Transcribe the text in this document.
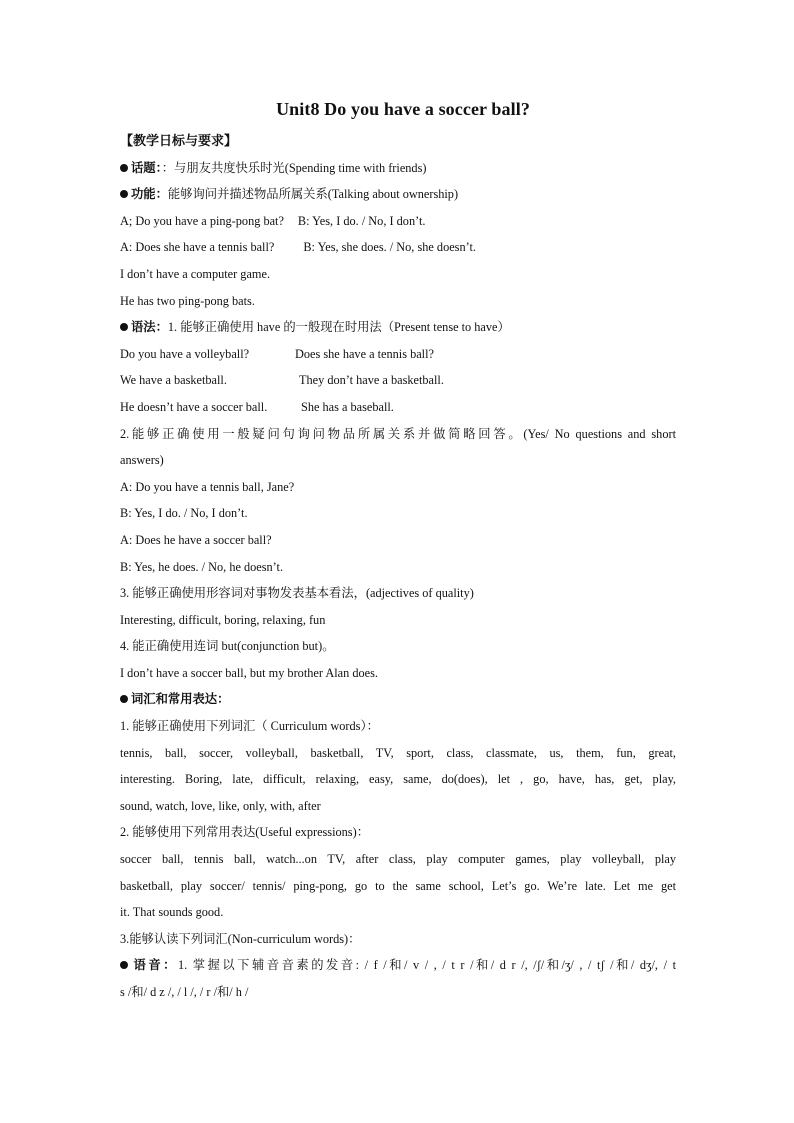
Unit8 Do you have a soccer ball?
【教学日标与要求】
话题：：与朋友共度快乐时光(Spending time with friends)
功能：能够询问并描述物品所属关系(Talking about ownership)
A; Do you have a ping-pong bat? B: Yes, I do. / No, I don’t.
A: Does she have a tennis ball? B: Yes, she does. / No, she doesn’t.
I don’t have a computer game.
He has two ping-pong bats.
语法：1. 能够正确使用 have 的一般现在时用法（Present tense to have）
Do you have a volleyball?	Does she have a tennis ball?
We have a basketball.	They don’t have a basketball.
He doesn’t have a soccer ball.	She has a baseball.
2.能够正确使用一般疑问句询问物品所属关系并做简略回答。(Yes/ No questions and short
answers)
A: Do you have a tennis ball, Jane?
B: Yes, I do. / No, I don’t.
A: Does he have a soccer ball?
B: Yes, he does. / No, he doesn’t.
3. 能够正确使用形容词对事物发表基本看法，(adjectives of quality)
Interesting, difficult, boring, relaxing, fun
4. 能正确使用连词 but(conjunction but)。
I don’t have a soccer ball, but my brother Alan does.
词汇和常用表达：
1. 能够正确使用下列词汇（ Curriculum words）：
tennis, ball, soccer, volleyball, basketball, TV, sport, class, classmate, us, them, fun, great,
interesting. Boring, late, difficult, relaxing, easy, same, do(does), let , go, have, has, get, play,
sound, watch, love, like, only, with, after
2. 能够使用下列常用表达(Useful expressions)：
soccer ball, tennis ball, watch...on TV, after class, play computer games, play volleyball, play
basketball, play soccer/ tennis/ ping-pong, go to the same school, Let’s go. We’re late. Let me get
it. That sounds good.
3.能够认读下列词汇(Non-curriculum words)：
语音：1. 掌握以下辅音音素的发音: / f /和/ v / , / t r /和/ d r /, /ʃ/和/ʒ/ , / tʃ /和/ dʒ/, / t
s /和/ d z /, / l /, / r /和/ h /
